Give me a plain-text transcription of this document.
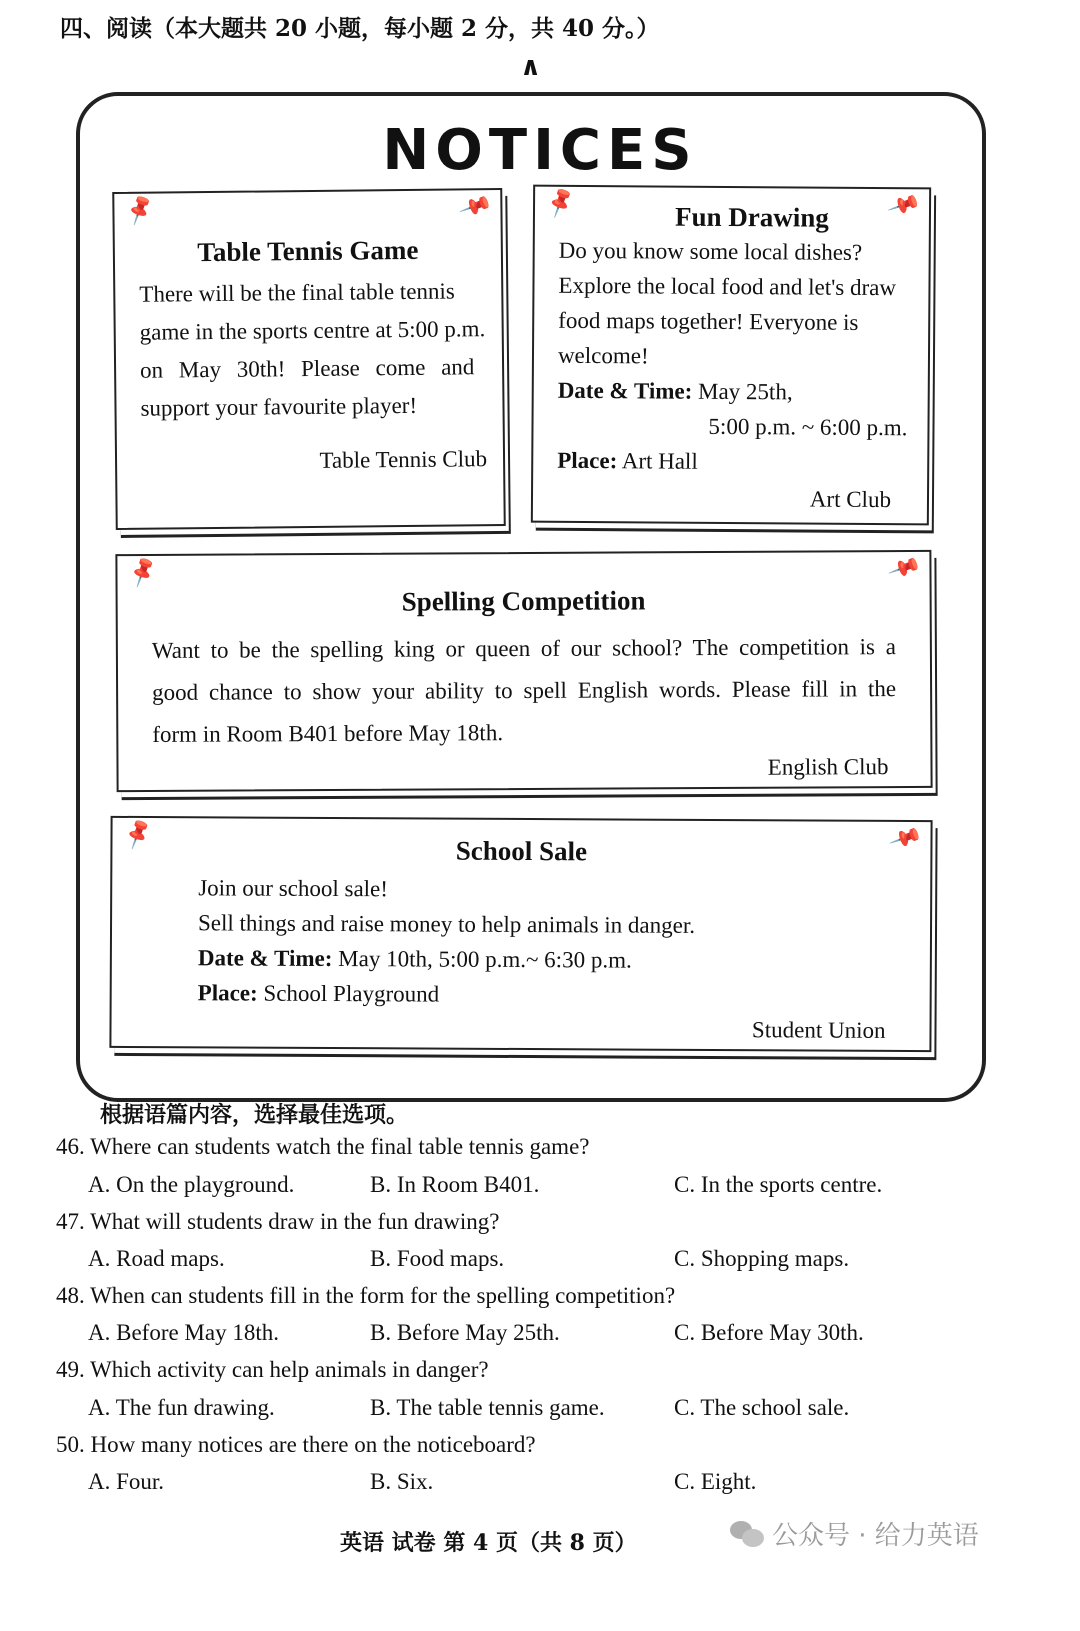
四、阅读（本大题共 20 小题，每小题 2 分，共 40 分。）
∧
NOTICES
📌	📌
Table Tennis Game
There will be the final table tennis
game in the sports centre at 5:00 p.m.
on May 30th! Please come and
support your favourite player!
Table Tennis Club
📌	📌
Fun Drawing
Do you know some local dishes?
Explore the local food and let's draw
food maps together! Everyone is
welcome!
Date & Time: May 25th,
5:00 p.m. ~ 6:00 p.m.
Place: Art Hall
Art Club
📌	📌
Spelling Competition
Want to be the spelling king or queen of our school? The competition is a
good chance to show your ability to spell English words. Please fill in the
form in Room B401 before May 18th.
English Club
📌	📌
School Sale
Join our school sale!
Sell things and raise money to help animals in danger.
Date & Time: May 10th, 5:00 p.m.~ 6:30 p.m.
Place: School Playground
Student Union
根据语篇内容，选择最佳选项。
46. Where can students watch the final table tennis game?
A. On the playground.	B. In Room B401.	C. In the sports centre.
47. What will students draw in the fun drawing?
A. Road maps.	B. Food maps.	C. Shopping maps.
48. When can students fill in the form for the spelling competition?
A. Before May 18th.	B. Before May 25th.	C. Before May 30th.
49. Which activity can help animals in danger?
A. The fun drawing.	B. The table tennis game.	C. The school sale.
50. How many notices are there on the noticeboard?
A. Four.	B. Six.	C. Eight.
英语 试卷 第 4 页（共 8 页）	公众号 · 给力英语
